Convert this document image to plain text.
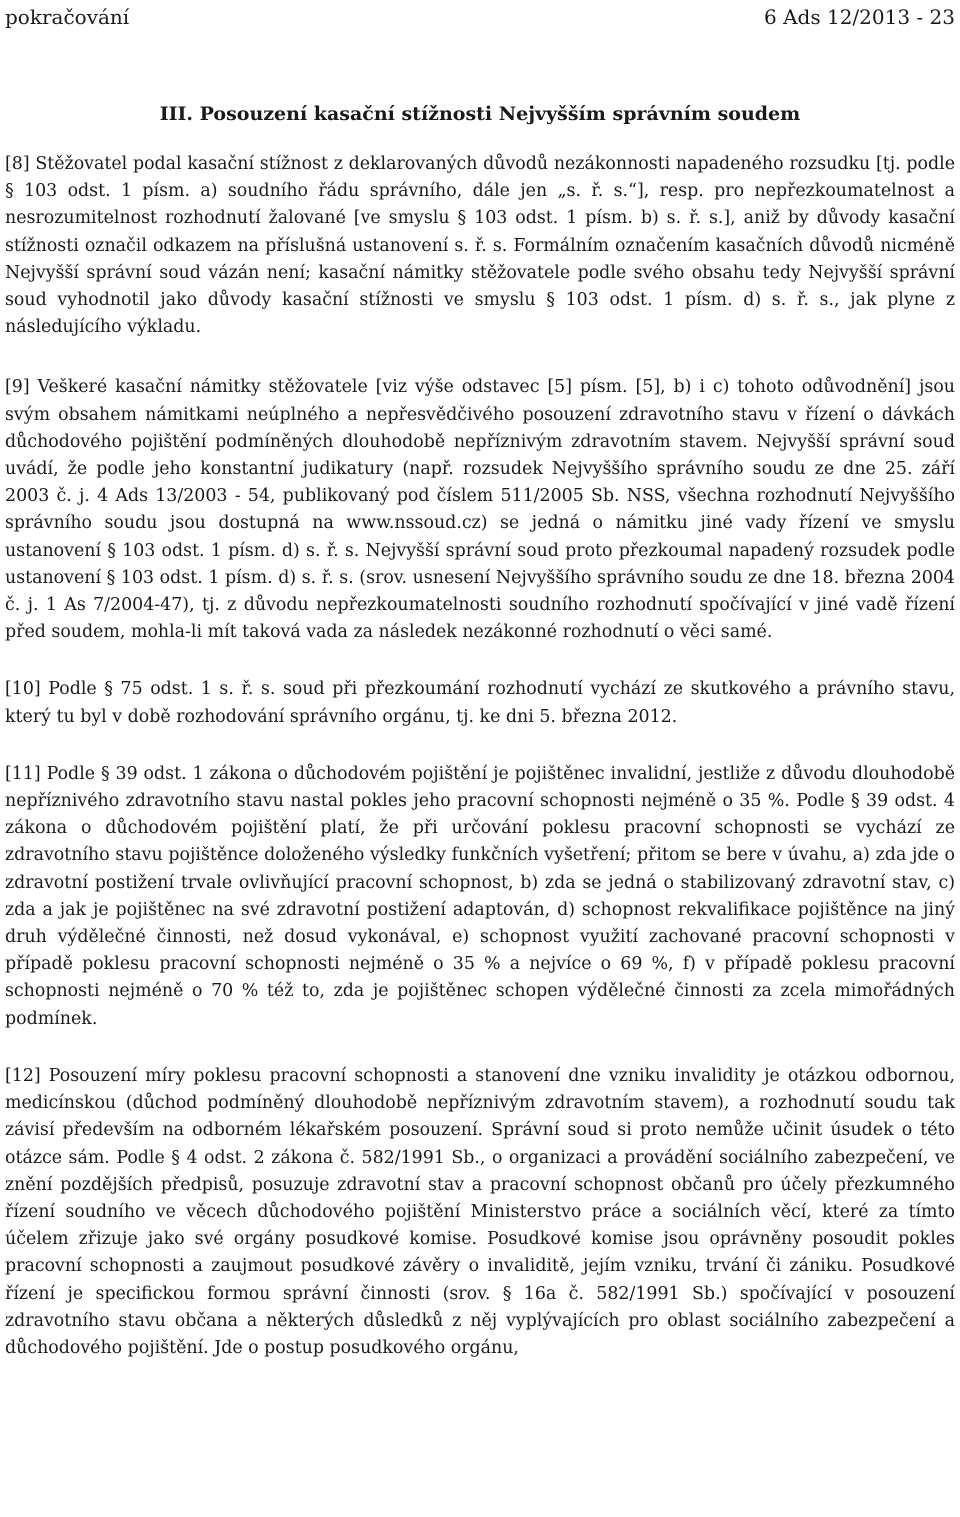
pokračování	6 Ads 12/2013 - 23
III. Posouzení kasační stížnosti Nejvyšším správním soudem

[8] Stěžovatel podal kasační stížnost z deklarovaných důvodů nezákonnosti napadeného rozsudku [tj. podle § 103 odst. 1 písm. a) soudního řádu správního, dále jen „s. ř. s.“], resp. pro nepřezkoumatelnost a nesrozumitelnost rozhodnutí žalované [ve smyslu § 103 odst. 1 písm. b) s. ř. s.], aniž by důvody kasační stížnosti označil odkazem na příslušná ustanovení s. ř. s. Formálním označením kasačních důvodů nicméně Nejvyšší správní soud vázán není; kasační námitky stěžovatele podle svého obsahu tedy Nejvyšší správní soud vyhodnotil jako důvody kasační stížnosti ve smyslu § 103 odst. 1 písm. d) s. ř. s., jak plyne z následujícího výkladu.

[9] Veškeré kasační námitky stěžovatele [viz výše odstavec [5] písm. [5], b) i c) tohoto odůvodnění] jsou svým obsahem námitkami neúplného a nepřesvědčivého posouzení zdravotního stavu v řízení o dávkách důchodového pojištění podmíněných dlouhodobě nepříznivým zdravotním stavem. Nejvyšší správní soud uvádí, že podle jeho konstantní judikatury (např. rozsudek Nejvyššího správního soudu ze dne 25. září 2003 č. j. 4 Ads 13/2003 - 54, publikovaný pod číslem 511/2005 Sb. NSS, všechna rozhodnutí Nejvyššího správního soudu jsou dostupná na www.nssoud.cz) se jedná o námitku jiné vady řízení ve smyslu ustanovení § 103 odst. 1 písm. d) s. ř. s. Nejvyšší správní soud proto přezkoumal napadený rozsudek podle ustanovení § 103 odst. 1 písm. d) s. ř. s. (srov. usnesení Nejvyššího správního soudu ze dne 18. března 2004 č. j. 1 As 7/2004-47), tj. z důvodu nepřezkoumatelnosti soudního rozhodnutí spočívající v jiné vadě řízení před soudem, mohla-li mít taková vada za následek nezákonné rozhodnutí o věci samé.

[10] Podle § 75 odst. 1 s. ř. s. soud při přezkoumání rozhodnutí vychází ze skutkového a právního stavu, který tu byl v době rozhodování správního orgánu, tj. ke dni 5. března 2012.

[11] Podle § 39 odst. 1 zákona o důchodovém pojištění je pojištěnec invalidní, jestliže z důvodu dlouhodobě nepříznivého zdravotního stavu nastal pokles jeho pracovní schopnosti nejméně o 35 %. Podle § 39 odst. 4 zákona o důchodovém pojištění platí, že při určování poklesu pracovní schopnosti se vychází ze zdravotního stavu pojištěnce doloženého výsledky funkčních vyšetření; přitom se bere v úvahu, a) zda jde o zdravotní postižení trvale ovlivňující pracovní schopnost, b) zda se jedná o stabilizovaný zdravotní stav, c) zda a jak je pojištěnec na své zdravotní postižení adaptován, d) schopnost rekvalifikace pojištěnce na jiný druh výdělečné činnosti, než dosud vykonával, e) schopnost využití zachované pracovní schopnosti v případě poklesu pracovní schopnosti nejméně o 35 % a nejvíce o 69 %, f) v případě poklesu pracovní schopnosti nejméně o 70 % též to, zda je pojištěnec schopen výdělečné činnosti za zcela mimořádných podmínek.

[12] Posouzení míry poklesu pracovní schopnosti a stanovení dne vzniku invalidity je otázkou odbornou, medicínskou (důchod podmíněný dlouhodobě nepříznivým zdravotním stavem), a rozhodnutí soudu tak závisí především na odborném lékařském posouzení. Správní soud si proto nemůže učinit úsudek o této otázce sám. Podle § 4 odst. 2 zákona č. 582/1991 Sb., o organizaci a provádění sociálního zabezpečení, ve znění pozdějších předpisů, posuzuje zdravotní stav a pracovní schopnost občanů pro účely přezkumného řízení soudního ve věcech důchodového pojištění Ministerstvo práce a sociálních věcí, které za tímto účelem zřizuje jako své orgány posudkové komise. Posudkové komise jsou oprávněny posoudit pokles pracovní schopnosti a zaujmout posudkové závěry o invaliditě, jejím vzniku, trvání či zániku. Posudkové řízení je specifickou formou správní činnosti (srov. § 16a č. 582/1991 Sb.) spočívající v posouzení zdravotního stavu občana a některých důsledků z něj vyplývajících pro oblast sociálního zabezpečení a důchodového pojištění. Jde o postup posudkového orgánu,
